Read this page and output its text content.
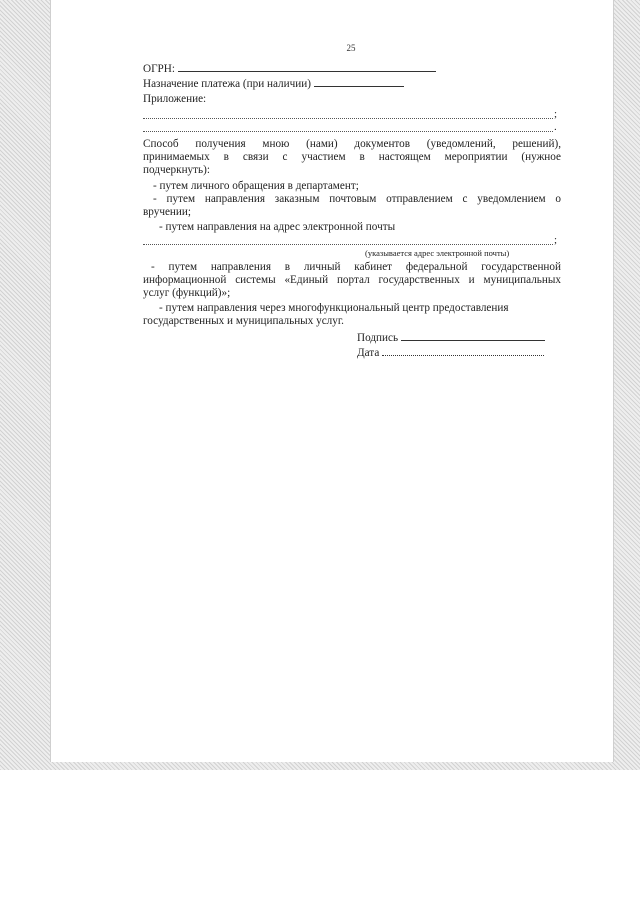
25
ОГРН:
Назначение платежа (при наличии)
Приложение:
;
.
Способ получения мною (нами) документов (уведомлений, решений),
принимаемых в связи с участием в настоящем мероприятии (нужное
подчеркнуть):
- путем личного обращения в департамент;
- путем направления заказным почтовым отправлением с уведомлением о
вручении;
- путем направления на адрес электронной почты
;
(указывается адрес электронной почты)
- путем направления в личный кабинет федеральной государственной
информационной системы «Единый портал государственных и муниципальных
услуг (функций)»;
- путем направления через многофункциональный центр предоставления
государственных и муниципальных услуг.
Подпись
Дата
